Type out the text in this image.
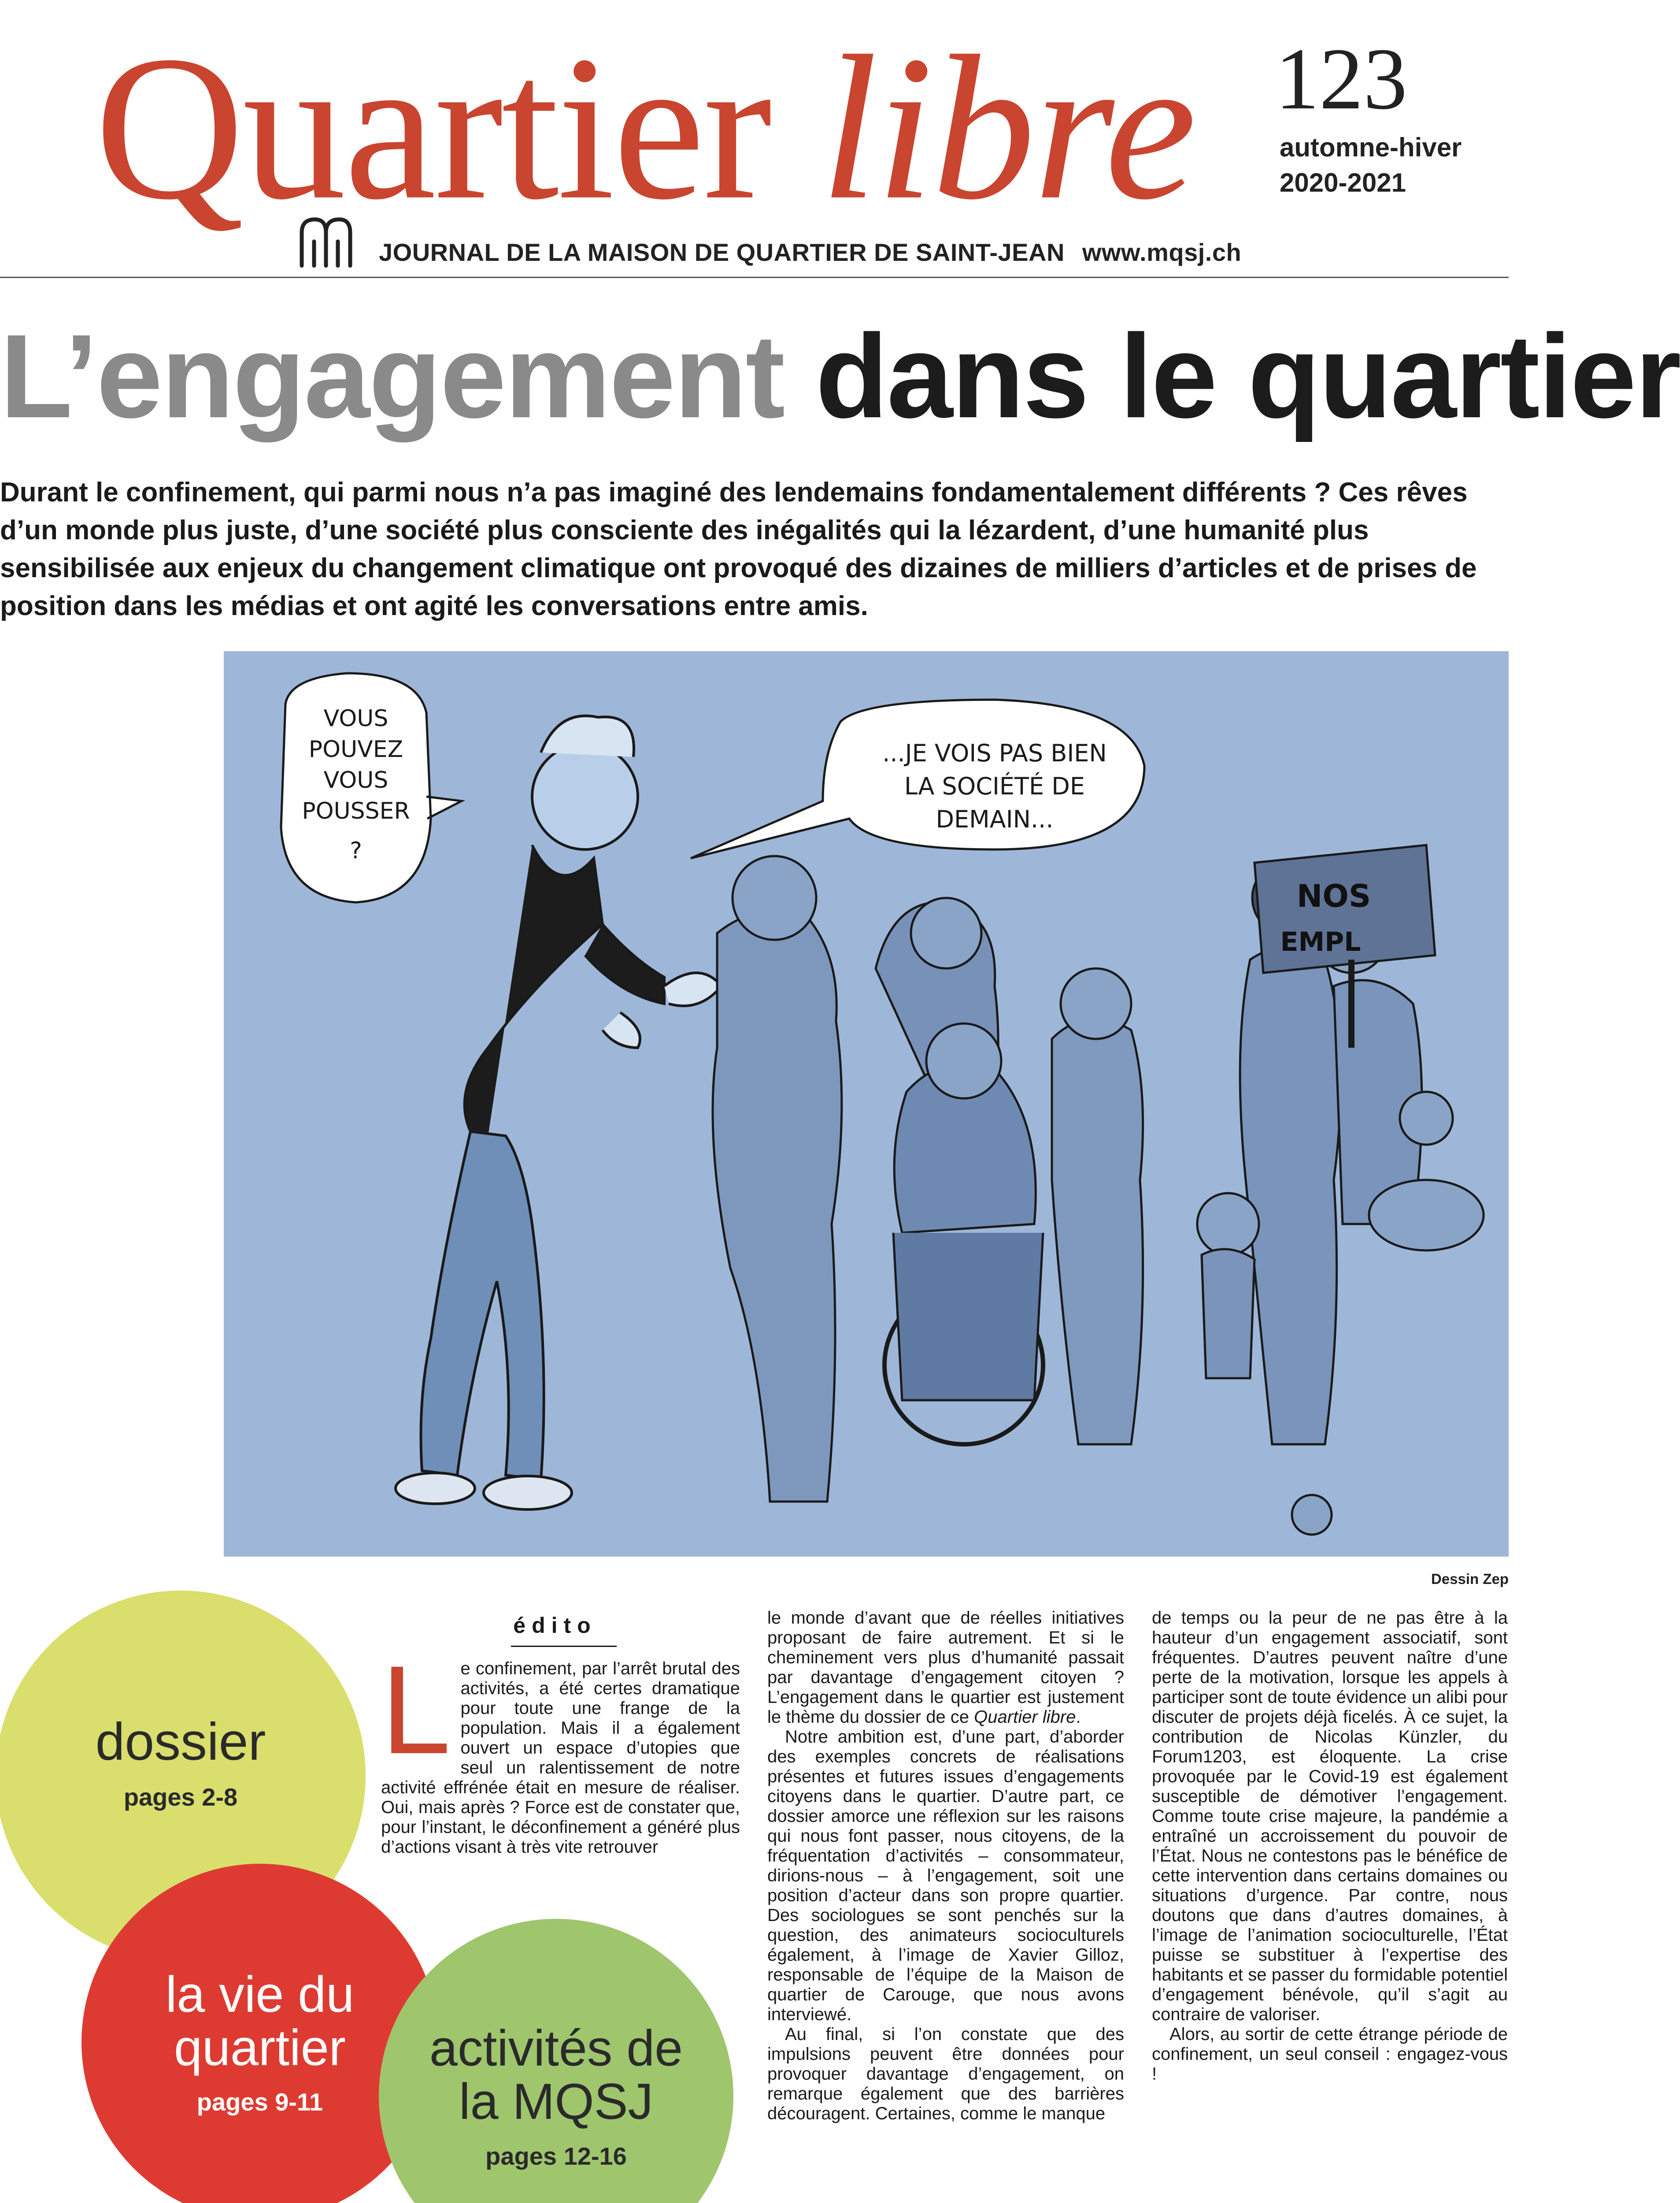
Quartier libre 123
automne-hiver
2020-2021
JOURNAL DE LA MAISON DE QUARTIER DE SAINT-JEAN www.mqsj.ch
L’engagement dans le quartier
Durant le confinement, qui parmi nous n’a pas imaginé des lendemains fondamentalement différents ? Ces rêves d’un monde plus juste, d’une société plus consciente des inégalités qui la lézardent, d’une humanité plus sensibilisée aux enjeux du changement climatique ont provoqué des dizaines de milliers d’articles et de prises de position dans les médias et ont agité les conversations entre amis.
VOUS
POUVEZ
VOUS
POUSSER
?
...JE VOIS PAS BIEN
LA SOCIÉTÉ DE
DEMAIN...
NOS
EMPL
Dessin Zep
dossier
pages 2-8
la vie du
quartier
pages 9-11
activités de
la MQSJ
pages 12-16
édito
L e confinement, par l’arrêt brutal des activités, a été certes dramatique pour toute une frange de la population. Mais il a également ouvert un espace d’utopies que seul un ralentissement de notre activité effrénée était en mesure de réaliser. Oui, mais après ? Force est de constater que, pour l’instant, le déconfinement a généré plus d’actions visant à très vite retrouver

le monde d’avant que de réelles initiatives proposant de faire autrement. Et si le cheminement vers plus d’humanité passait par davantage d’engagement citoyen ? L’engagement dans le quartier est justement le thème du dossier de ce Quartier libre.

Notre ambition est, d’une part, d’aborder des exemples concrets de réalisations présentes et futures issues d’engagements citoyens dans le quartier. D’autre part, ce dossier amorce une réflexion sur les raisons qui nous font passer, nous citoyens, de la fréquentation d’activités – consommateur, dirions-nous – à l’engagement, soit une position d’acteur dans son propre quartier. Des sociologues se sont penchés sur la question, des animateurs socioculturels également, à l’image de Xavier Gilloz, responsable de l’équipe de la Maison de quartier de Carouge, que nous avons interviewé.

Au final, si l’on constate que des impulsions peuvent être données pour provoquer davantage d’engagement, on remarque également que des barrières découragent. Certaines, comme le manque

de temps ou la peur de ne pas être à la hauteur d’un engagement associatif, sont fréquentes. D’autres peuvent naître d’une perte de la motivation, lorsque les appels à participer sont de toute évidence un alibi pour discuter de projets déjà ficelés. À ce sujet, la contribution de Nicolas Künzler, du Forum1203, est éloquente. La crise provoquée par le Covid-19 est également susceptible de démotiver l’engagement. Comme toute crise majeure, la pandémie a entraîné un accroissement du pouvoir de l’État. Nous ne contestons pas le bénéfice de cette intervention dans certains domaines ou situations d’urgence. Par contre, nous doutons que dans d’autres domaines, à l’image de l’animation socioculturelle, l’État puisse se substituer à l’expertise des habitants et se passer du formidable potentiel d’engagement bénévole, qu’il s’agit au contraire de valoriser.

Alors, au sortir de cette étrange période de confinement, un seul conseil : engagez-vous !
